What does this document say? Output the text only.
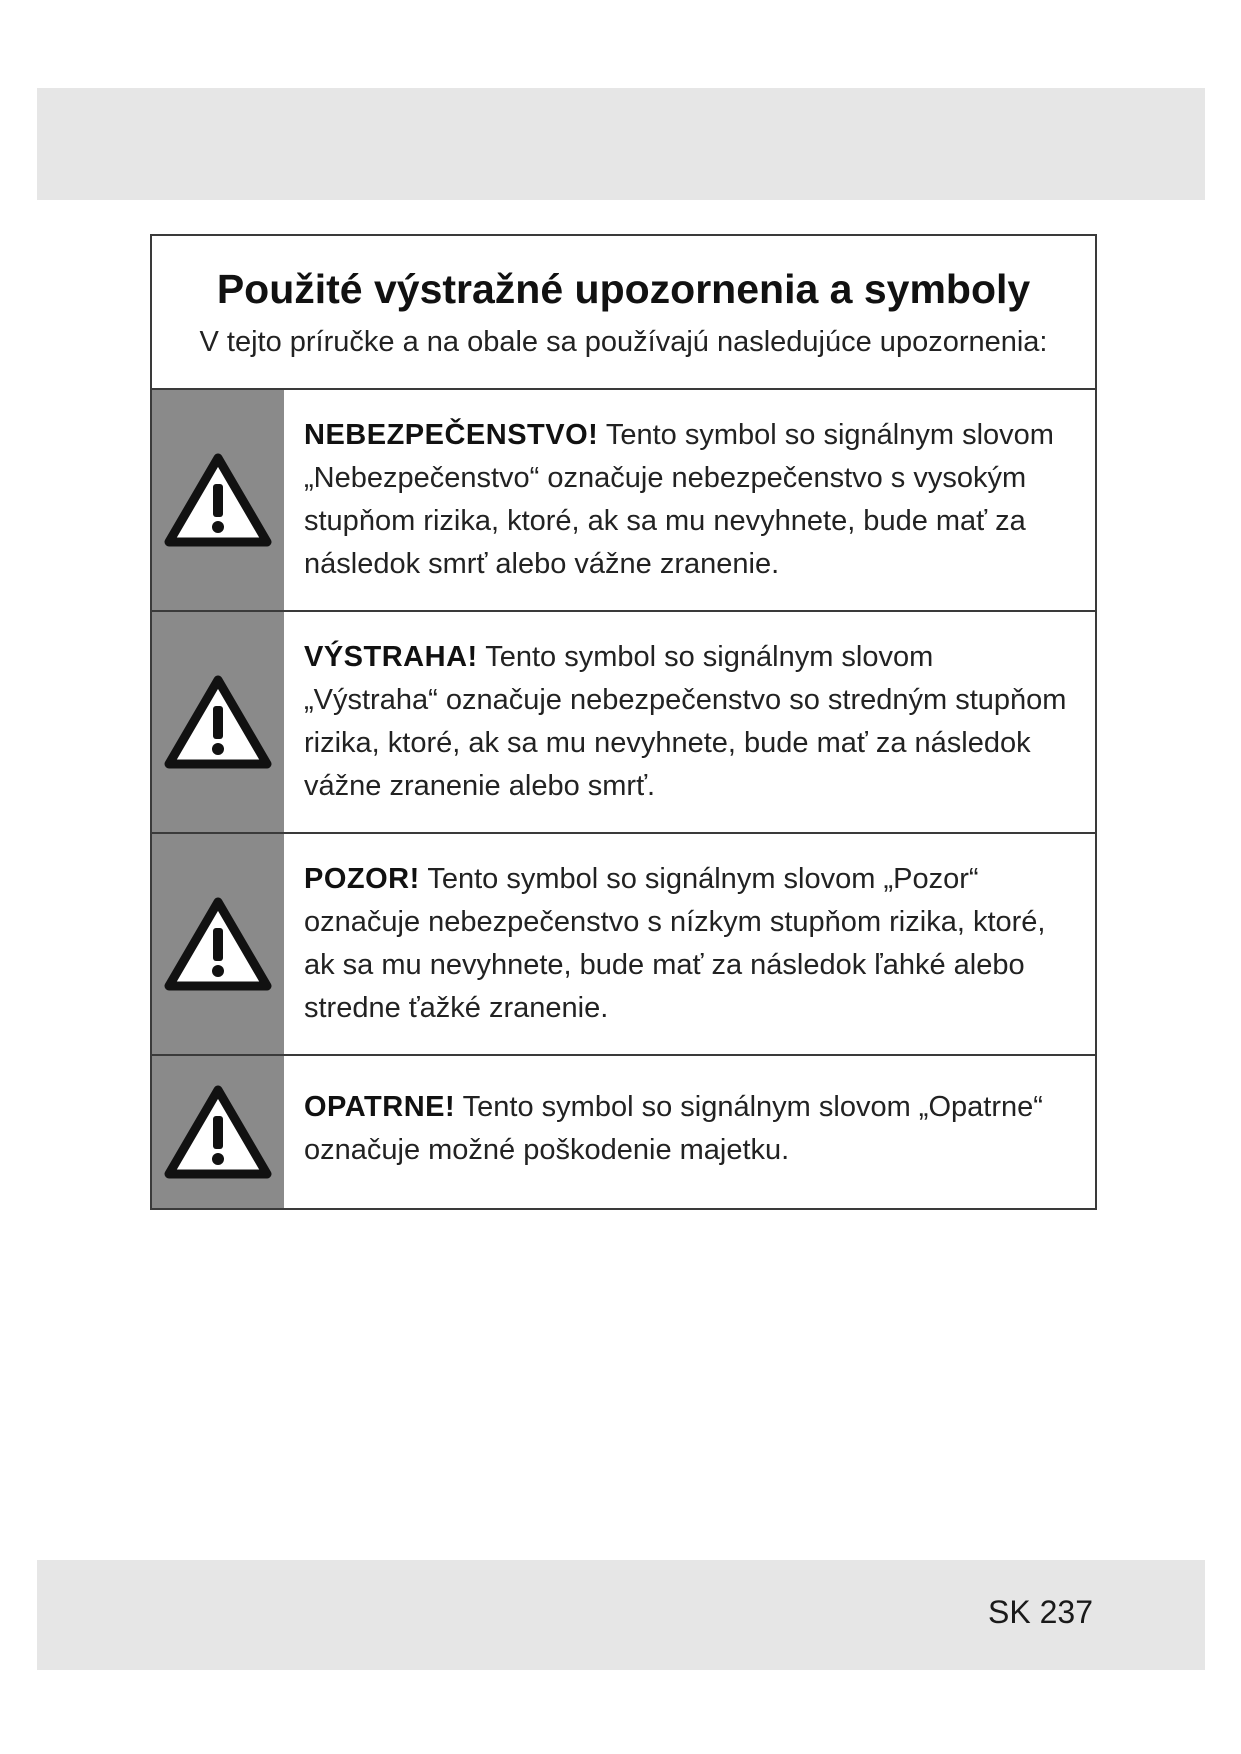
Použité výstražné upozornenia a symboly
V tejto príručke a na obale sa používajú nasledujúce upozornenia:
NEBEZPEČENSTVO! Tento symbol so signálnym slovom „Nebezpečenstvo“ označuje nebezpečenstvo s vysokým stupňom rizika, ktoré, ak sa mu nevyhnete, bude mať za následok smrť alebo vážne zranenie.
VÝSTRAHA! Tento symbol so signálnym slovom „Výstraha“ označuje nebezpečenstvo so stredným stupňom rizika, ktoré, ak sa mu nevyhnete, bude mať za následok vážne zranenie alebo smrť.
POZOR! Tento symbol so signálnym slovom „Pozor“ označuje nebezpečenstvo s nízkym stupňom rizika, ktoré, ak sa mu nevyhnete, bude mať za následok ľahké alebo stredne ťažké zranenie.
OPATRNE! Tento symbol so signálnym slovom „Opatrne“ označuje možné poškodenie majetku.
SK 237
